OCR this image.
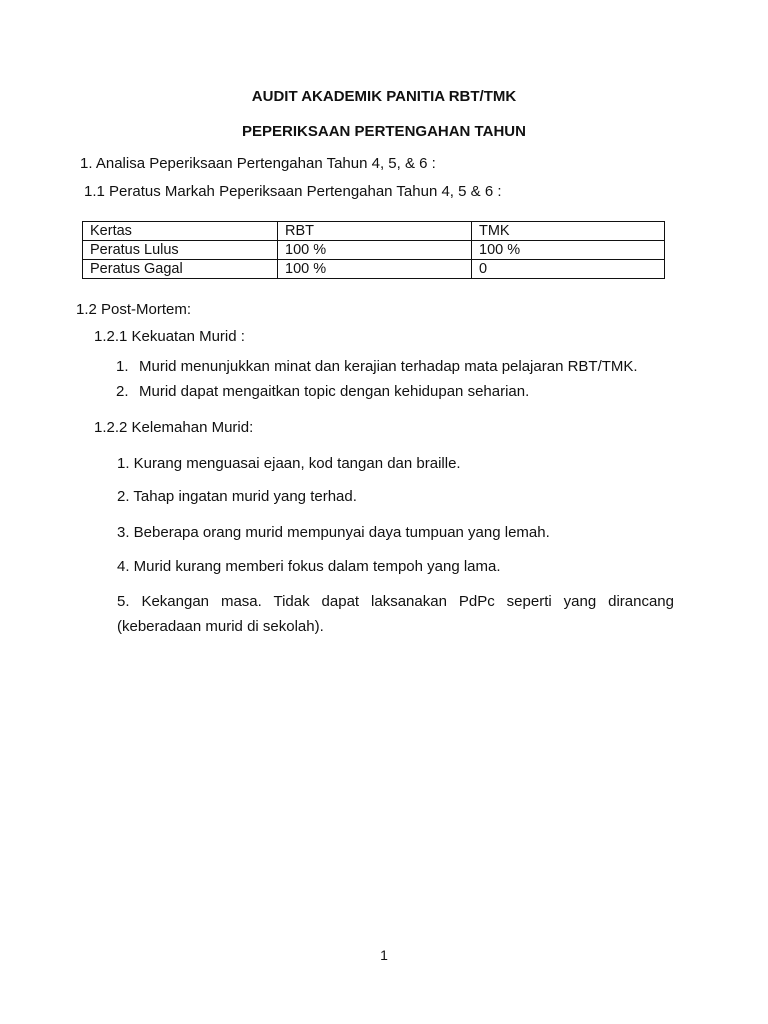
AUDIT AKADEMIK PANITIA RBT/TMK
PEPERIKSAAN PERTENGAHAN TAHUN
1. Analisa Peperiksaan Pertengahan Tahun 4, 5, & 6 :
1.1 Peratus Markah Peperiksaan Pertengahan Tahun 4, 5 & 6 :
Kertas	RBT	TMK
Peratus Lulus	100 %	100 %
Peratus Gagal	100 %	0
1.2 Post-Mortem:
1.2.1 Kekuatan Murid :
1. Murid menunjukkan minat dan kerajian terhadap mata pelajaran RBT/TMK.
2. Murid dapat mengaitkan topic dengan kehidupan seharian.
1.2.2 Kelemahan Murid:
1. Kurang menguasai ejaan, kod tangan dan braille.
2. Tahap ingatan murid yang terhad.
3. Beberapa orang murid mempunyai daya tumpuan yang lemah.
4. Murid kurang memberi fokus dalam tempoh yang lama.
5. Kekangan masa. Tidak dapat laksanakan PdPc seperti yang dirancang
(keberadaan murid di sekolah).
1
